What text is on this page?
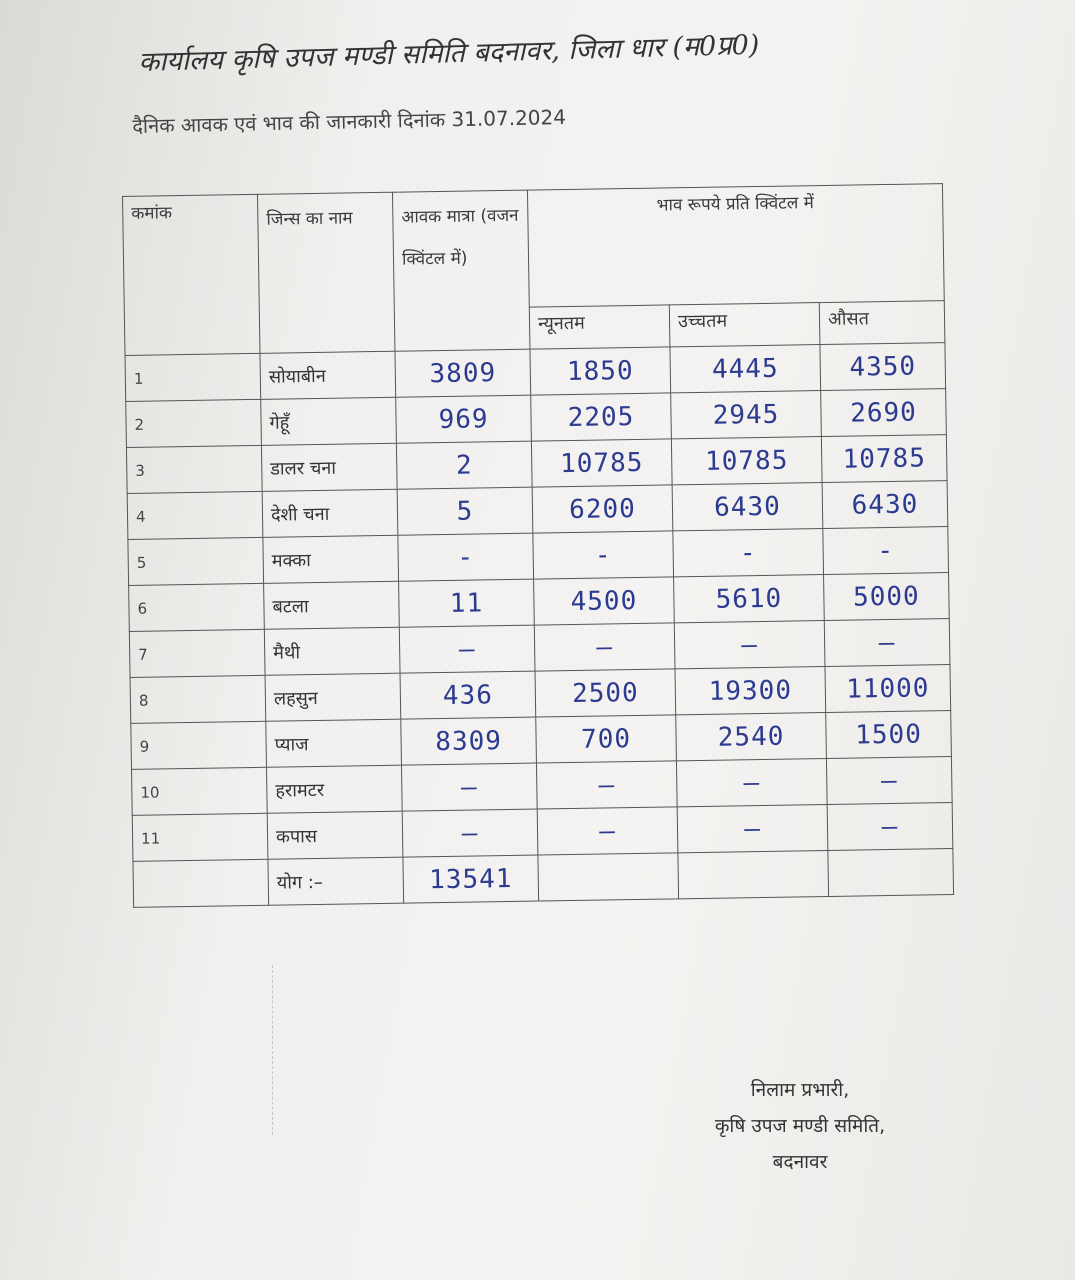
कार्यालय कृषि उपज मण्डी समिति बदनावर, जिला धार (म0प्र0)
दैनिक आवक एवं भाव की जानकारी दिनांक 31.07.2024
कमांक	जिन्स का नाम	आवक मात्रा (वजन क्विंटल में)	भाव रूपये प्रति क्विंटल में		
			न्यूनतम	उच्चतम	औसत
1	सोयाबीन	3809	1850	4445	4350
2	गेहूँ	969	2205	2945	2690
3	डालर चना	2	10785	10785	10785
4	देशी चना	5	6200	6430	6430
5	मक्का	-	-	-	-
6	बटला	11	4500	5610	5000
7	मैथी	–	–	–	–
8	लहसुन	436	2500	19300	11000
9	प्याज	8309	700	2540	1500
10	हरामटर	–	–	–	–
11	कपास	–	–	–	–
	योग :–	13541			
निलाम प्रभारी,
कृषि उपज मण्डी समिति,
बदनावर
